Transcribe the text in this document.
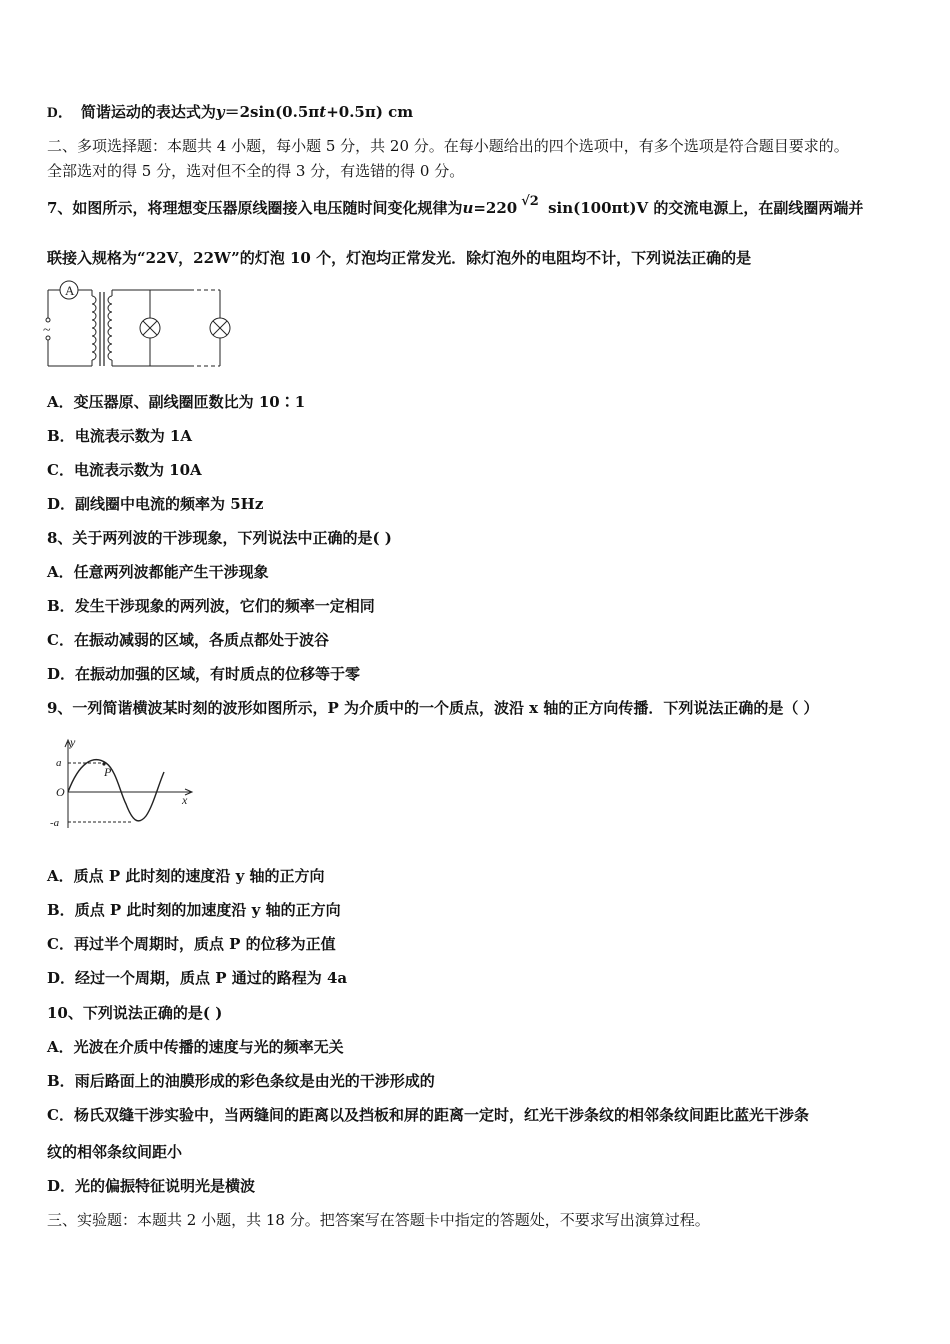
D． 简谐运动的表达式为y＝2sin(0.5πt+0.5π) cm
二、多项选择题：本题共 4 小题，每小题 5 分，共 20 分。在每小题给出的四个选项中，有多个选项是符合题目要求的。
全部选对的得 5 分，选对但不全的得 3 分，有选错的得 0 分。
7、如图所示，将理想变压器原线圈接入电压随时间变化规律为u=220 √2 sin(100πt)V 的交流电源上，在副线圈两端并
联接入规格为“22V，22W”的灯泡 10 个，灯泡均正常发光．除灯泡外的电阻均不计，下列说法正确的是
A
~
A．变压器原、副线圈匝数比为 10∶1
B．电流表示数为 1A
C．电流表示数为 10A
D．副线圈中电流的频率为 5Hz
8、关于两列波的干涉现象，下列说法中正确的是( )
A．任意两列波都能产生干涉现象
B．发生干涉现象的两列波，它们的频率一定相同
C．在振动减弱的区域，各质点都处于波谷
D．在振动加强的区域，有时质点的位移等于零
9、一列简谐横波某时刻的波形如图所示，P 为介质中的一个质点，波沿 x 轴的正方向传播．下列说法正确的是（ ）
y
x
a
-a
O
P
A．质点 P 此时刻的速度沿 y 轴的正方向
B．质点 P 此时刻的加速度沿 y 轴的正方向
C．再过半个周期时，质点 P 的位移为正值
D．经过一个周期，质点 P 通过的路程为 4a
10、下列说法正确的是( )
A．光波在介质中传播的速度与光的频率无关
B．雨后路面上的油膜形成的彩色条纹是由光的干涉形成的
C．杨氏双缝干涉实验中，当两缝间的距离以及挡板和屏的距离一定时，红光干涉条纹的相邻条纹间距比蓝光干涉条
纹的相邻条纹间距小
D．光的偏振特征说明光是横波
三、实验题：本题共 2 小题，共 18 分。把答案写在答题卡中指定的答题处，不要求写出演算过程。
